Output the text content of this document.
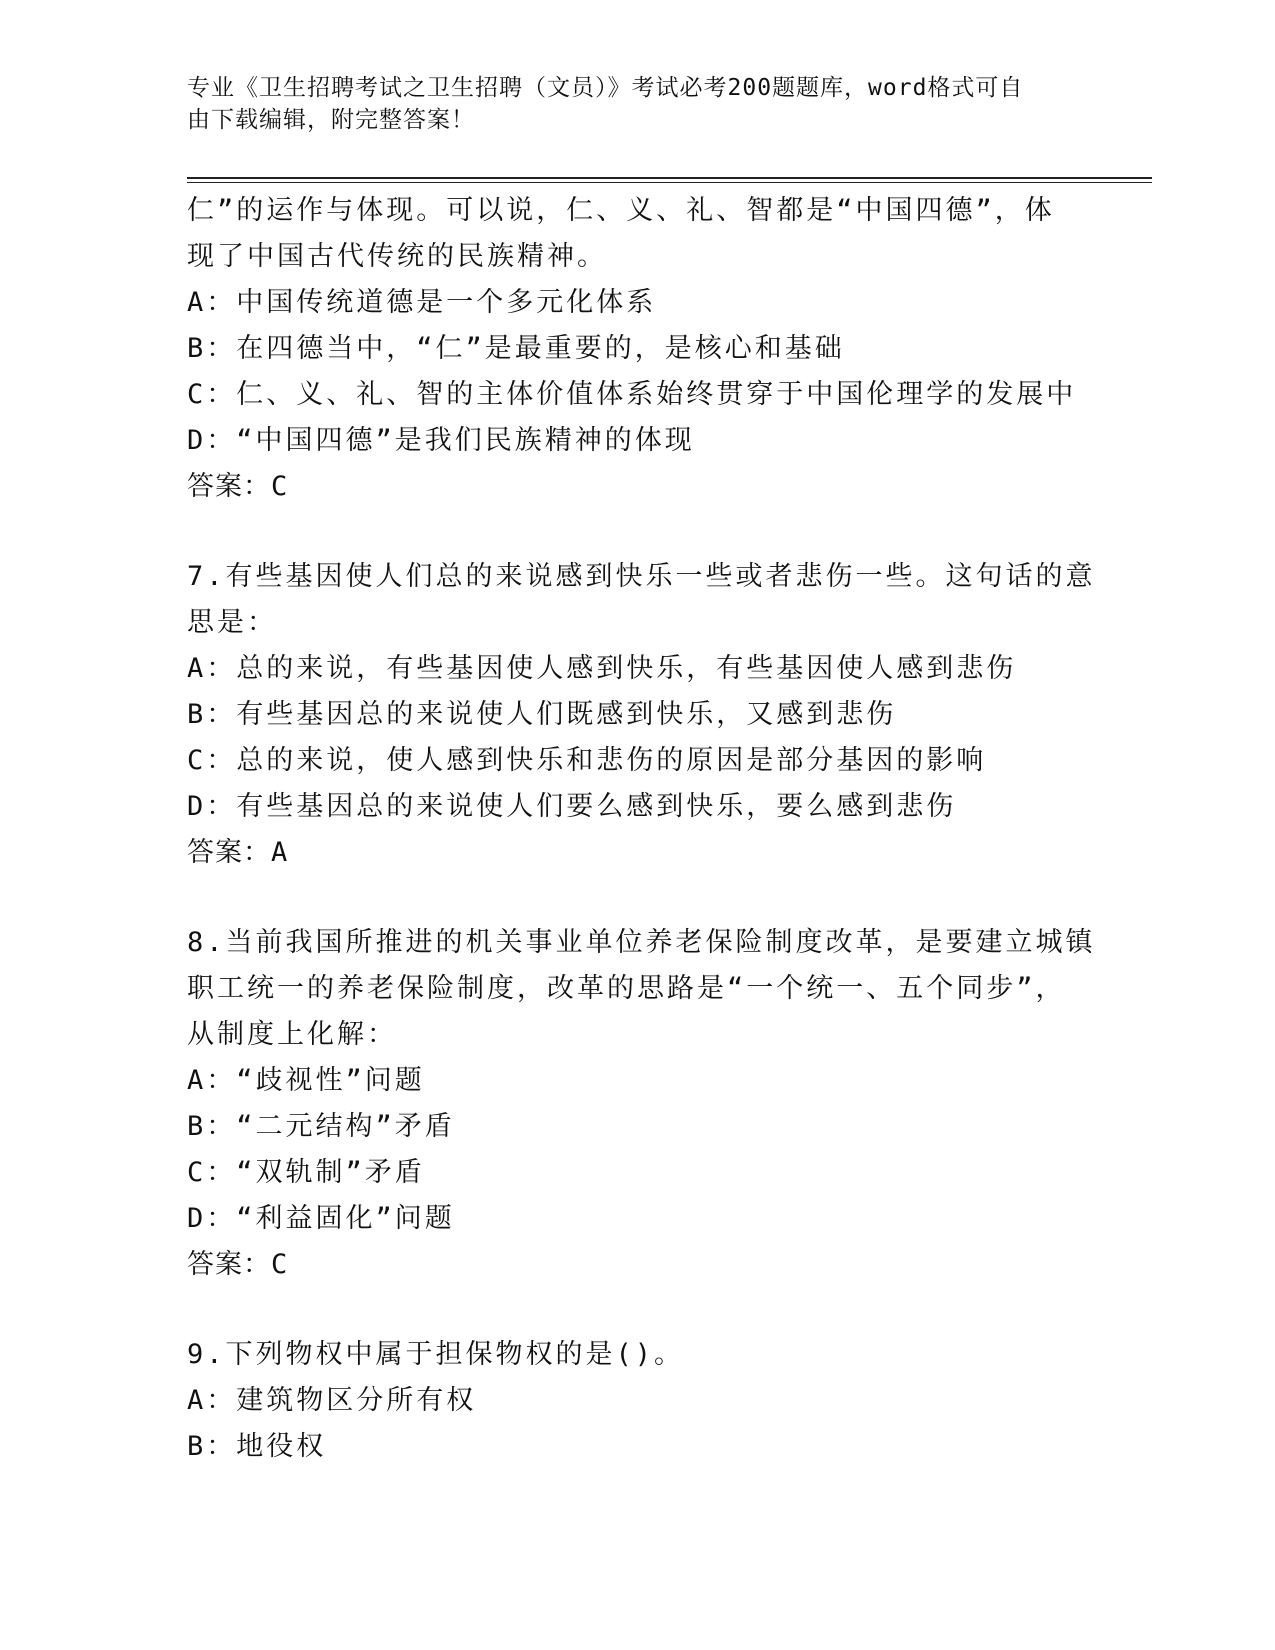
专业《卫生招聘考试之卫生招聘（文员）》考试必考200题题库，word格式可自
由下载编辑，附完整答案！
仁”的运作与体现。可以说，仁、义、礼、智都是“中国四德”，体
现了中国古代传统的民族精神。
A：中国传统道德是一个多元化体系
B：在四德当中，“仁”是最重要的，是核心和基础
C：仁、义、礼、智的主体价值体系始终贯穿于中国伦理学的发展中
D：“中国四德”是我们民族精神的体现
答案：C
7.有些基因使人们总的来说感到快乐一些或者悲伤一些。这句话的意
思是：
A：总的来说，有些基因使人感到快乐，有些基因使人感到悲伤
B：有些基因总的来说使人们既感到快乐，又感到悲伤
C：总的来说，使人感到快乐和悲伤的原因是部分基因的影响
D：有些基因总的来说使人们要么感到快乐，要么感到悲伤
答案：A
8.当前我国所推进的机关事业单位养老保险制度改革，是要建立城镇
职工统一的养老保险制度，改革的思路是“一个统一、五个同步”，
从制度上化解：
A：“歧视性”问题
B：“二元结构”矛盾
C：“双轨制”矛盾
D：“利益固化”问题
答案：C
9.下列物权中属于担保物权的是()。
A：建筑物区分所有权
B：地役权
